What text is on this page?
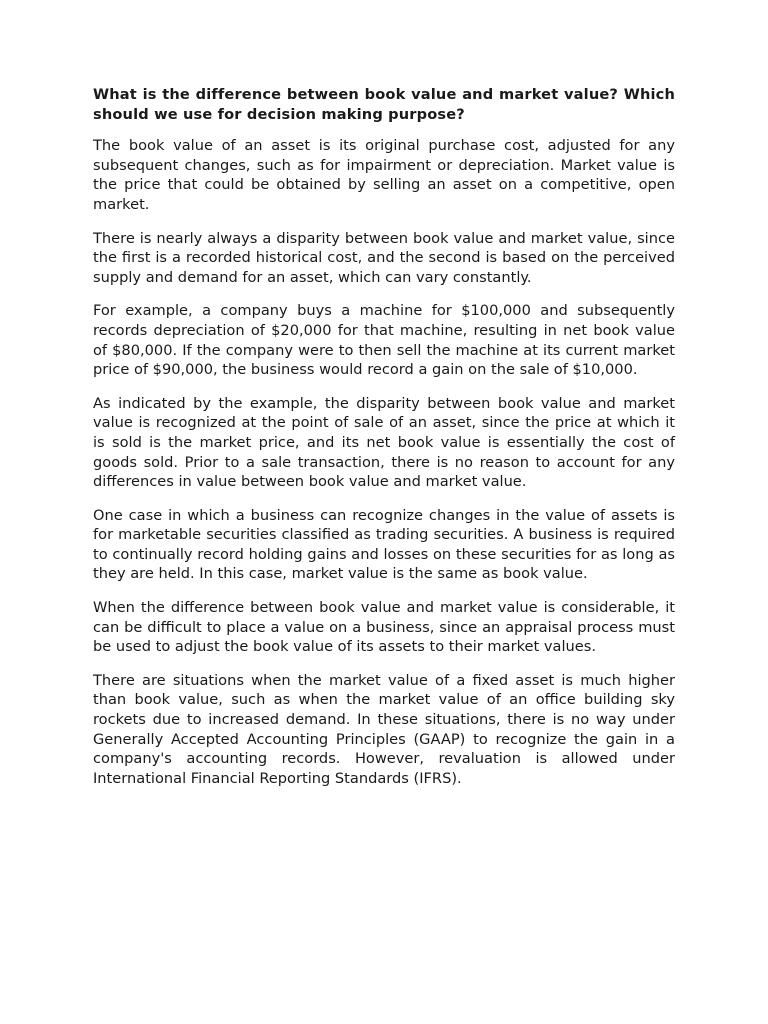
What is the difference between book value and market value? Which should we use for decision making purpose?

The book value of an asset is its original purchase cost, adjusted for any subsequent changes, such as for impairment or depreciation. Market value is the price that could be obtained by selling an asset on a competitive, open market.

There is nearly always a disparity between book value and market value, since the first is a recorded historical cost, and the second is based on the perceived supply and demand for an asset, which can vary constantly.

For example, a company buys a machine for $100,000 and subsequently records depreciation of $20,000 for that machine, resulting in net book value of $80,000. If the company were to then sell the machine at its current market price of $90,000, the business would record a gain on the sale of $10,000.

As indicated by the example, the disparity between book value and market value is recognized at the point of sale of an asset, since the price at which it is sold is the market price, and its net book value is essentially the cost of goods sold. Prior to a sale transaction, there is no reason to account for any differences in value between book value and market value.

One case in which a business can recognize changes in the value of assets is for marketable securities classified as trading securities. A business is required to continually record holding gains and losses on these securities for as long as they are held. In this case, market value is the same as book value.

When the difference between book value and market value is considerable, it can be difficult to place a value on a business, since an appraisal process must be used to adjust the book value of its assets to their market values.

There are situations when the market value of a fixed asset is much higher than book value, such as when the market value of an office building sky rockets due to increased demand. In these situations, there is no way under Generally Accepted Accounting Principles (GAAP) to recognize the gain in a company's accounting records. However, revaluation is allowed under International Financial Reporting Standards (IFRS).
